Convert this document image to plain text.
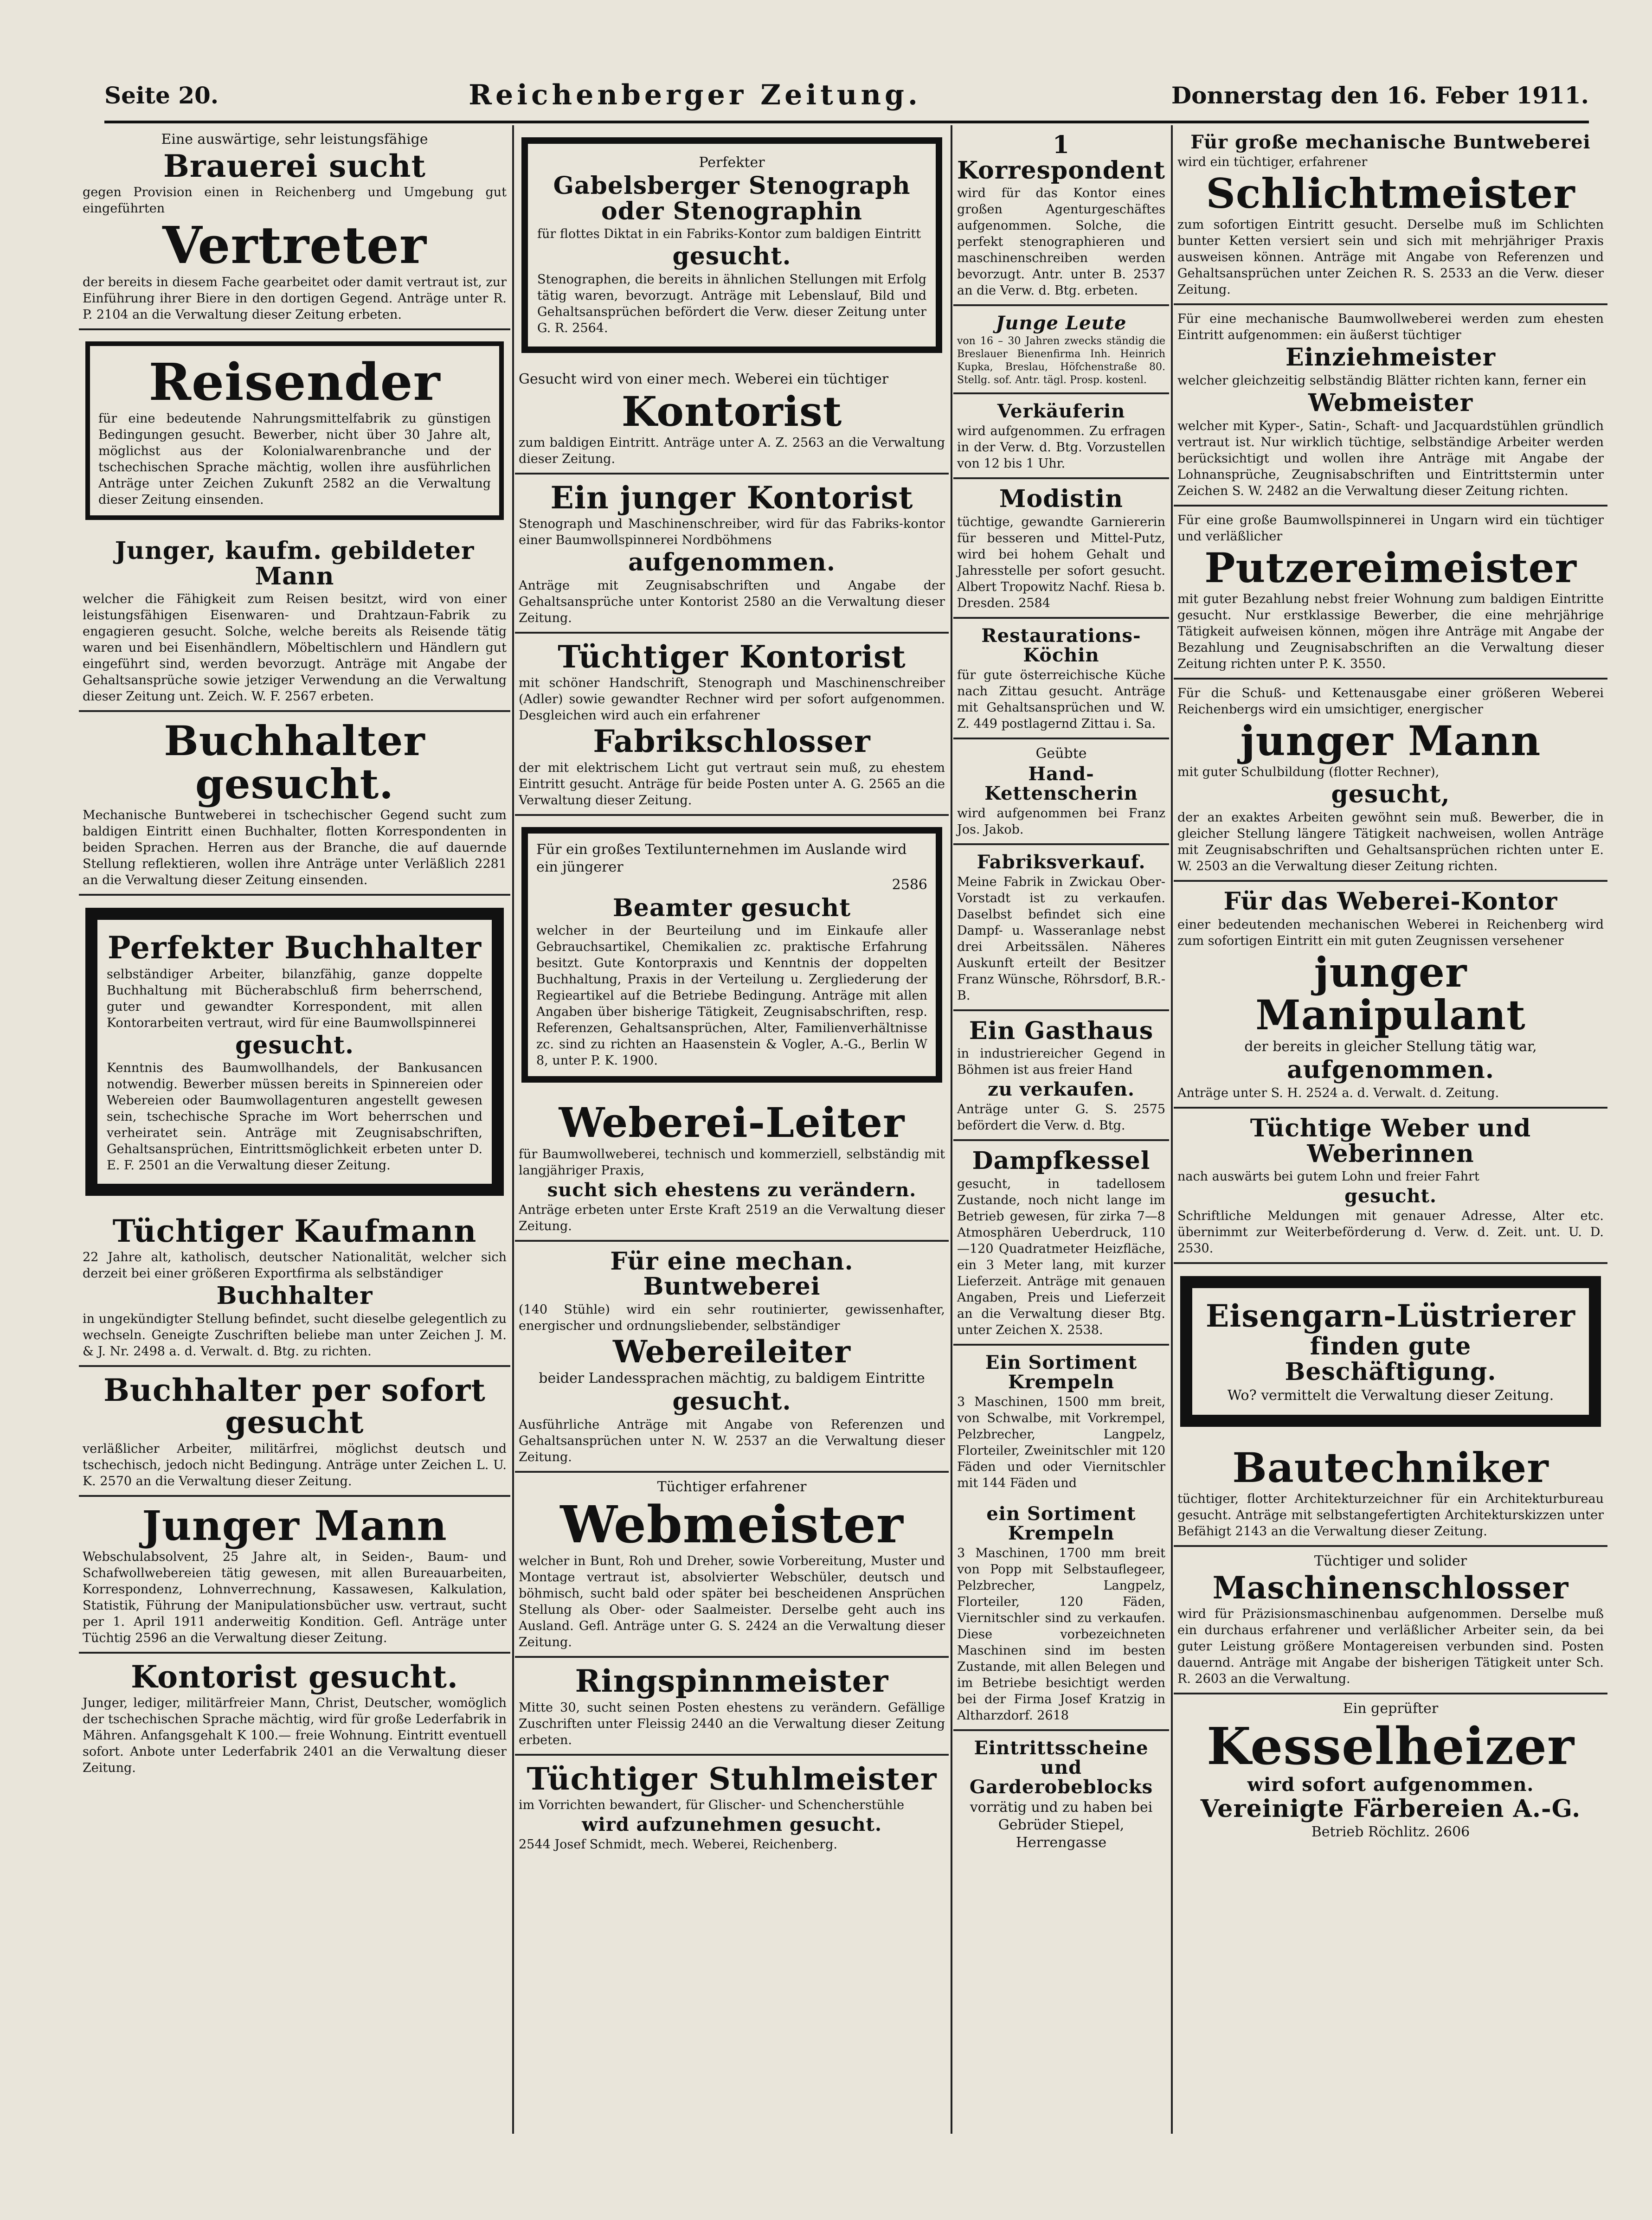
Seite 20.	Reichenberger Zeitung.	Donnerstag den 16. Feber 1911.

Eine auswärtige, sehr leistungsfähige

Brauerei sucht

gegen Provision einen in Reichenberg und Umgebung gut eingeführten

Vertreter

der bereits in diesem Fache gearbeitet oder damit vertraut ist, zur Einführung ihrer Biere in den dortigen Gegend. Anträge unter R. P. 2104 an die Verwaltung dieser Zeitung erbeten.

Reisender

für eine bedeutende Nahrungsmittelfabrik zu günstigen Bedingungen gesucht. Bewerber, nicht über 30 Jahre alt, möglichst aus der Kolonialwarenbranche und der tschechischen Sprache mächtig, wollen ihre ausführlichen Anträge unter Zeichen Zukunft 2582 an die Verwaltung dieser Zeitung einsenden.

Junger, kaufm. gebildeter Mann

welcher die Fähigkeit zum Reisen besitzt, wird von einer leistungsfähigen Eisenwaren- und Drahtzaun-Fabrik zu engagieren gesucht. Solche, welche bereits als Reisende tätig waren und bei Eisenhändlern, Möbeltischlern und Händlern gut eingeführt sind, werden bevorzugt. Anträge mit Angabe der Gehaltsansprüche sowie jetziger Verwendung an die Verwaltung dieser Zeitung unt. Zeich. W. F. 2567 erbeten.

Buchhalter gesucht.

Mechanische Buntweberei in tschechischer Gegend sucht zum baldigen Eintritt einen Buchhalter, flotten Korrespondenten in beiden Sprachen. Herren aus der Branche, die auf dauernde Stellung reflektieren, wollen ihre Anträge unter Verläßlich 2281 an die Verwaltung dieser Zeitung einsenden.

Perfekter Buchhalter

selbständiger Arbeiter, bilanzfähig, ganze doppelte Buchhaltung mit Bücherabschluß firm beherrschend, guter und gewandter Korrespondent, mit allen Kontorarbeiten vertraut, wird für eine Baumwollspinnerei

gesucht.

Kenntnis des Baumwollhandels, der Bankusancen notwendig. Bewerber müssen bereits in Spinnereien oder Webereien oder Baumwollagenturen angestellt gewesen sein, tschechische Sprache im Wort beherrschen und verheiratet sein. Anträge mit Zeugnisabschriften, Gehaltsansprüchen, Eintrittsmöglichkeit erbeten unter D. E. F. 2501 an die Verwaltung dieser Zeitung.

Tüchtiger Kaufmann

22 Jahre alt, katholisch, deutscher Nationalität, welcher sich derzeit bei einer größeren Exportfirma als selbständiger

Buchhalter

in ungekündigter Stellung befindet, sucht dieselbe gelegentlich zu wechseln. Geneigte Zuschriften beliebe man unter Zeichen J. M. & J. Nr. 2498 a. d. Verwalt. d. Btg. zu richten.

Buchhalter per sofort gesucht

verläßlicher Arbeiter, militärfrei, möglichst deutsch und tschechisch, jedoch nicht Bedingung. Anträge unter Zeichen L. U. K. 2570 an die Verwaltung dieser Zeitung.

Junger Mann

Webschulabsolvent, 25 Jahre alt, in Seiden-, Baum- und Schafwollwebereien tätig gewesen, mit allen Bureauarbeiten, Korrespondenz, Lohnverrechnung, Kassawesen, Kalkulation, Statistik, Führung der Manipulationsbücher usw. vertraut, sucht per 1. April 1911 anderweitig Kondition. Gefl. Anträge unter Tüchtig 2596 an die Verwaltung dieser Zeitung.

Kontorist gesucht.

Junger, lediger, militärfreier Mann, Christ, Deutscher, womöglich der tschechischen Sprache mächtig, wird für große Lederfabrik in Mähren. Anfangsgehalt K 100.— freie Wohnung. Eintritt eventuell sofort. Anbote unter Lederfabrik 2401 an die Verwaltung dieser Zeitung.

Perfekter

Gabelsberger Stenograph oder Stenographin

für flottes Diktat in ein Fabriks-Kontor zum baldigen Eintritt

gesucht.

Stenographen, die bereits in ähnlichen Stellungen mit Erfolg tätig waren, bevorzugt. Anträge mit Lebenslauf, Bild und Gehaltsansprüchen befördert die Verw. dieser Zeitung unter G. R. 2564.

Gesucht wird von einer mech. Weberei ein tüchtiger

Kontorist

zum baldigen Eintritt. Anträge unter A. Z. 2563 an die Verwaltung dieser Zeitung.

Ein junger Kontorist

Stenograph und Maschinenschreiber, wird für das Fabriks-kontor einer Baumwollspinnerei Nordböhmens

aufgenommen.

Anträge mit Zeugnisabschriften und Angabe der Gehaltsansprüche unter Kontorist 2580 an die Verwaltung dieser Zeitung.

Tüchtiger Kontorist

mit schöner Handschrift, Stenograph und Maschinenschreiber (Adler) sowie gewandter Rechner wird per sofort aufgenommen. Desgleichen wird auch ein erfahrener

Fabrikschlosser

der mit elektrischem Licht gut vertraut sein muß, zu ehestem Eintritt gesucht. Anträge für beide Posten unter A. G. 2565 an die Verwaltung dieser Zeitung.

Für ein großes Textilunternehmen im Auslande wird ein jüngerer

2586

Beamter gesucht

welcher in der Beurteilung und im Einkaufe aller Gebrauchsartikel, Chemikalien zc. praktische Erfahrung besitzt. Gute Kontorpraxis und Kenntnis der doppelten Buchhaltung, Praxis in der Verteilung u. Zergliederung der Regieartikel auf die Betriebe Bedingung. Anträge mit allen Angaben über bisherige Tätigkeit, Zeugnisabschriften, resp. Referenzen, Gehaltsansprüchen, Alter, Familienverhältnisse zc. sind zu richten an Haasenstein & Vogler, A.-G., Berlin W 8, unter P. K. 1900.

Weberei-Leiter

für Baumwollweberei, technisch und kommerziell, selbständig mit langjähriger Praxis,

sucht sich ehestens zu verändern.

Anträge erbeten unter Erste Kraft 2519 an die Verwaltung dieser Zeitung.

Für eine mechan. Buntweberei

(140 Stühle) wird ein sehr routinierter, gewissenhafter, energischer und ordnungsliebender, selbständiger

Webereileiter

beider Landessprachen mächtig, zu baldigem Eintritte

gesucht.

Ausführliche Anträge mit Angabe von Referenzen und Gehaltsansprüchen unter N. W. 2537 an die Verwaltung dieser Zeitung.

Tüchtiger erfahrener

Webmeister

welcher in Bunt, Roh und Dreher, sowie Vorbereitung, Muster und Montage vertraut ist, absolvierter Webschüler, deutsch und böhmisch, sucht bald oder später bei bescheidenen Ansprüchen Stellung als Ober- oder Saalmeister. Derselbe geht auch ins Ausland. Gefl. Anträge unter G. S. 2424 an die Verwaltung dieser Zeitung.

Ringspinnmeister

Mitte 30, sucht seinen Posten ehestens zu verändern. Gefällige Zuschriften unter Fleissig 2440 an die Verwaltung dieser Zeitung erbeten.

Tüchtiger Stuhlmeister

im Vorrichten bewandert, für Glischer- und Schencherstühle

wird aufzunehmen gesucht.

2544 Josef Schmidt, mech. Weberei, Reichenberg.

1 Korrespondent

wird für das Kontor eines großen Agenturgeschäftes aufgenommen. Solche, die perfekt stenographieren und maschinenschreiben werden bevorzugt. Antr. unter B. 2537 an die Verw. d. Btg. erbeten.

Junge Leute

von 16 – 30 Jahren zwecks ständig die Breslauer Bienenfirma Inh. Heinrich Kupka, Breslau, Höfchenstraße 80. Stellg. sof. Antr. tägl. Prosp. kostenl.

Verkäuferin

wird aufgenommen. Zu erfragen in der Verw. d. Btg. Vorzustellen von 12 bis 1 Uhr.

Modistin

tüchtige, gewandte Garniererin für besseren und Mittel-Putz, wird bei hohem Gehalt und Jahresstelle per sofort gesucht. Albert Tropowitz Nachf. Riesa b. Dresden. 2584

Restaurations-Köchin

für gute österreichische Küche nach Zittau gesucht. Anträge mit Gehaltsansprüchen und W. Z. 449 postlagernd Zittau i. Sa.

Geübte

Hand-Kettenscherin

wird aufgenommen bei Franz Jos. Jakob.

Fabriksverkauf.

Meine Fabrik in Zwickau Ober-Vorstadt ist zu verkaufen. Daselbst befindet sich eine Dampf- u. Wasseranlage nebst drei Arbeitssälen. Näheres Auskunft erteilt der Besitzer Franz Wünsche, Röhrsdorf, B.R.-B.

Ein Gasthaus

in industriereicher Gegend in Böhmen ist aus freier Hand

zu verkaufen.

Anträge unter G. S. 2575 befördert die Verw. d. Btg.

Dampfkessel

gesucht, in tadellosem Zustande, noch nicht lange im Betrieb gewesen, für zirka 7—8 Atmosphären Ueberdruck, 110—120 Quadratmeter Heizfläche, ein 3 Meter lang, mit kurzer Lieferzeit. Anträge mit genauen Angaben, Preis und Lieferzeit an die Verwaltung dieser Btg. unter Zeichen X. 2538.

Ein Sortiment Krempeln

3 Maschinen, 1500 mm breit, von Schwalbe, mit Vorkrempel, Pelzbrecher, Langpelz, Florteiler, Zweinitschler mit 120 Fäden und oder Viernitschler mit 144 Fäden und

ein Sortiment Krempeln

3 Maschinen, 1700 mm breit von Popp mit Selbstauflegeer, Pelzbrecher, Langpelz, Florteiler, 120 Fäden, Viernitschler sind zu verkaufen. Diese vorbezeichneten Maschinen sind im besten Zustande, mit allen Belegen und im Betriebe besichtigt werden bei der Firma Josef Kratzig in Altharzdorf. 2618

Eintrittsscheine und Garderobeblocks

vorrätig und zu haben bei Gebrüder Stiepel, Herrengasse

Für große mechanische Buntweberei

wird ein tüchtiger, erfahrener

Schlichtmeister

zum sofortigen Eintritt gesucht. Derselbe muß im Schlichten bunter Ketten versiert sein und sich mit mehrjähriger Praxis ausweisen können. Anträge mit Angabe von Referenzen und Gehaltsansprüchen unter Zeichen R. S. 2533 an die Verw. dieser Zeitung.

Für eine mechanische Baumwollweberei werden zum ehesten Eintritt aufgenommen: ein äußerst tüchtiger

Einziehmeister

welcher gleichzeitig selbständig Blätter richten kann, ferner ein

Webmeister

welcher mit Kyper-, Satin-, Schaft- und Jacquardstühlen gründlich vertraut ist. Nur wirklich tüchtige, selbständige Arbeiter werden berücksichtigt und wollen ihre Anträge mit Angabe der Lohnansprüche, Zeugnisabschriften und Eintrittstermin unter Zeichen S. W. 2482 an die Verwaltung dieser Zeitung richten.

Für eine große Baumwollspinnerei in Ungarn wird ein tüchtiger und verläßlicher

Putzereimeister

mit guter Bezahlung nebst freier Wohnung zum baldigen Eintritte gesucht. Nur erstklassige Bewerber, die eine mehrjährige Tätigkeit aufweisen können, mögen ihre Anträge mit Angabe der Bezahlung und Zeugnisabschriften an die Verwaltung dieser Zeitung richten unter P. K. 3550.

Für die Schuß- und Kettenausgabe einer größeren Weberei Reichenbergs wird ein umsichtiger, energischer

junger Mann

mit guter Schulbildung (flotter Rechner),

gesucht,

der an exaktes Arbeiten gewöhnt sein muß. Bewerber, die in gleicher Stellung längere Tätigkeit nachweisen, wollen Anträge mit Zeugnisabschriften und Gehaltsansprüchen richten unter E. W. 2503 an die Verwaltung dieser Zeitung richten.

Für das Weberei-Kontor

einer bedeutenden mechanischen Weberei in Reichenberg wird zum sofortigen Eintritt ein mit guten Zeugnissen versehener

junger Manipulant

der bereits in gleicher Stellung tätig war,

aufgenommen.

Anträge unter S. H. 2524 a. d. Verwalt. d. Zeitung.

Tüchtige Weber und Weberinnen

nach auswärts bei gutem Lohn und freier Fahrt

gesucht.

Schriftliche Meldungen mit genauer Adresse, Alter etc. übernimmt zur Weiterbeförderung d. Verw. d. Zeit. unt. U. D. 2530.

Eisengarn-Lüstrierer
finden gute Beschäftigung.

Wo? vermittelt die Verwaltung dieser Zeitung.

Bautechniker

tüchtiger, flotter Architekturzeichner für ein Architekturbureau gesucht. Anträge mit selbstangefertigten Architekturskizzen unter Befähigt 2143 an die Verwaltung dieser Zeitung.

Tüchtiger und solider

Maschinenschlosser

wird für Präzisionsmaschinenbau aufgenommen. Derselbe muß ein durchaus erfahrener und verläßlicher Arbeiter sein, da bei guter Leistung größere Montagereisen verbunden sind. Posten dauernd. Anträge mit Angabe der bisherigen Tätigkeit unter Sch. R. 2603 an die Verwaltung.

Ein geprüfter

Kesselheizer
wird sofort aufgenommen.
Vereinigte Färbereien A.-G.

Betrieb Röchlitz. 2606
